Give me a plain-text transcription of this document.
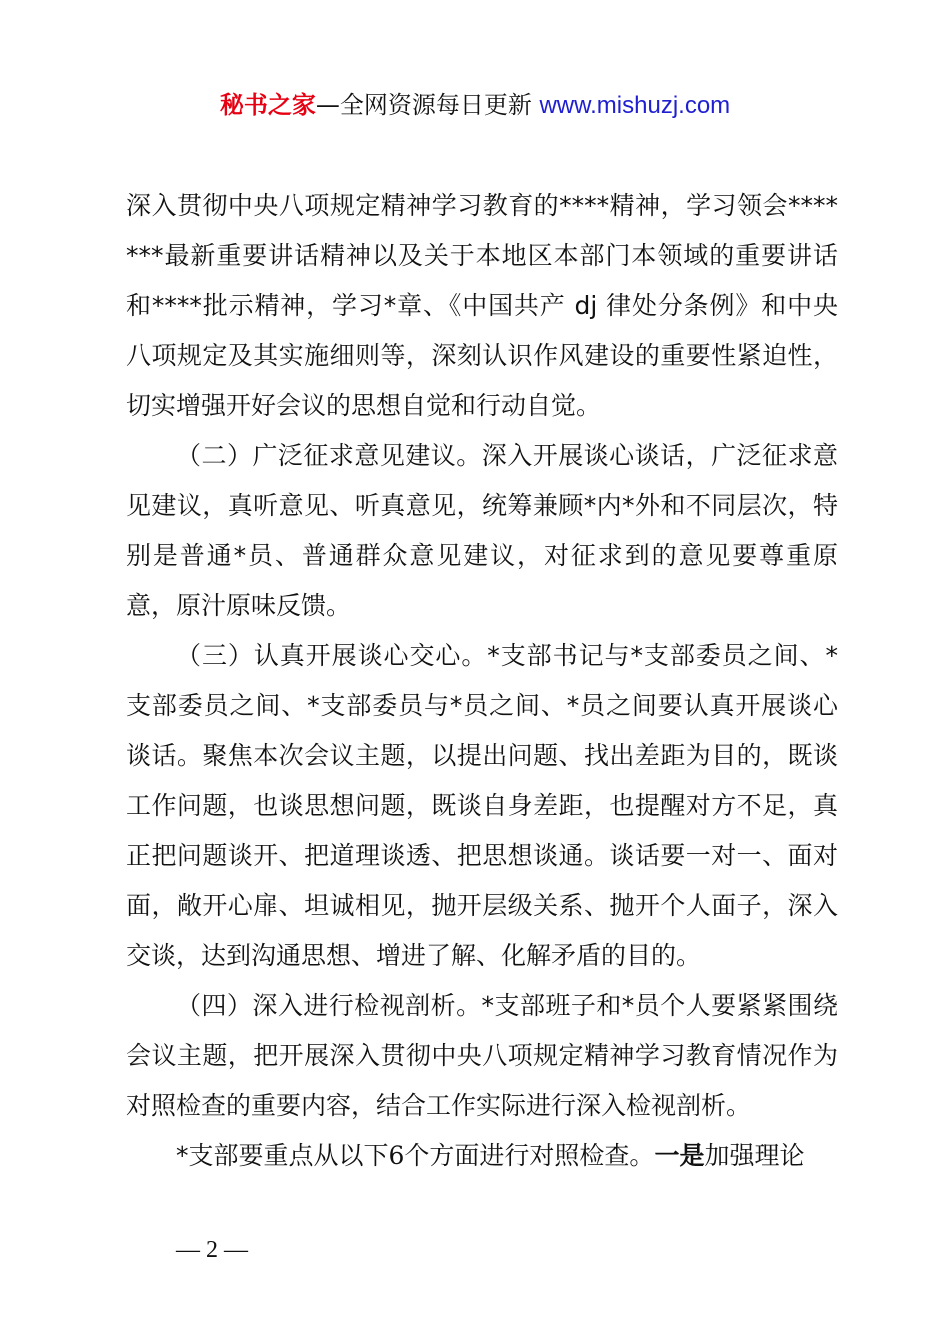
秘书之家—全网资源每日更新 www.mishuzj.com

深入贯彻中央八项规定精神学习教育的****精神，学习领会*******最新重要讲话精神以及关于本地区本部门本领域的重要讲话和****批示精神，学习*章、《中国共产 dj 律处分条例》和中央八项规定及其实施细则等，深刻认识作风建设的重要性紧迫性，切实增强开好会议的思想自觉和行动自觉。

（二）广泛征求意见建议。深入开展谈心谈话，广泛征求意见建议，真听意见、听真意见，统筹兼顾*内*外和不同层次，特别是普通*员、普通群众意见建议，对征求到的意见要尊重原意，原汁原味反馈。

（三）认真开展谈心交心。*支部书记与*支部委员之间、*支部委员之间、*支部委员与*员之间、*员之间要认真开展谈心谈话。聚焦本次会议主题，以提出问题、找出差距为目的，既谈工作问题，也谈思想问题，既谈自身差距，也提醒对方不足，真正把问题谈开、把道理谈透、把思想谈通。谈话要一对一、面对面，敞开心扉、坦诚相见，抛开层级关系、抛开个人面子，深入交谈，达到沟通思想、增进了解、化解矛盾的目的。

（四）深入进行检视剖析。*支部班子和*员个人要紧紧围绕会议主题，把开展深入贯彻中央八项规定精神学习教育情况作为对照检查的重要内容，结合工作实际进行深入检视剖析。

*支部要重点从以下6个方面进行对照检查。一是加强理论

— 2 —
